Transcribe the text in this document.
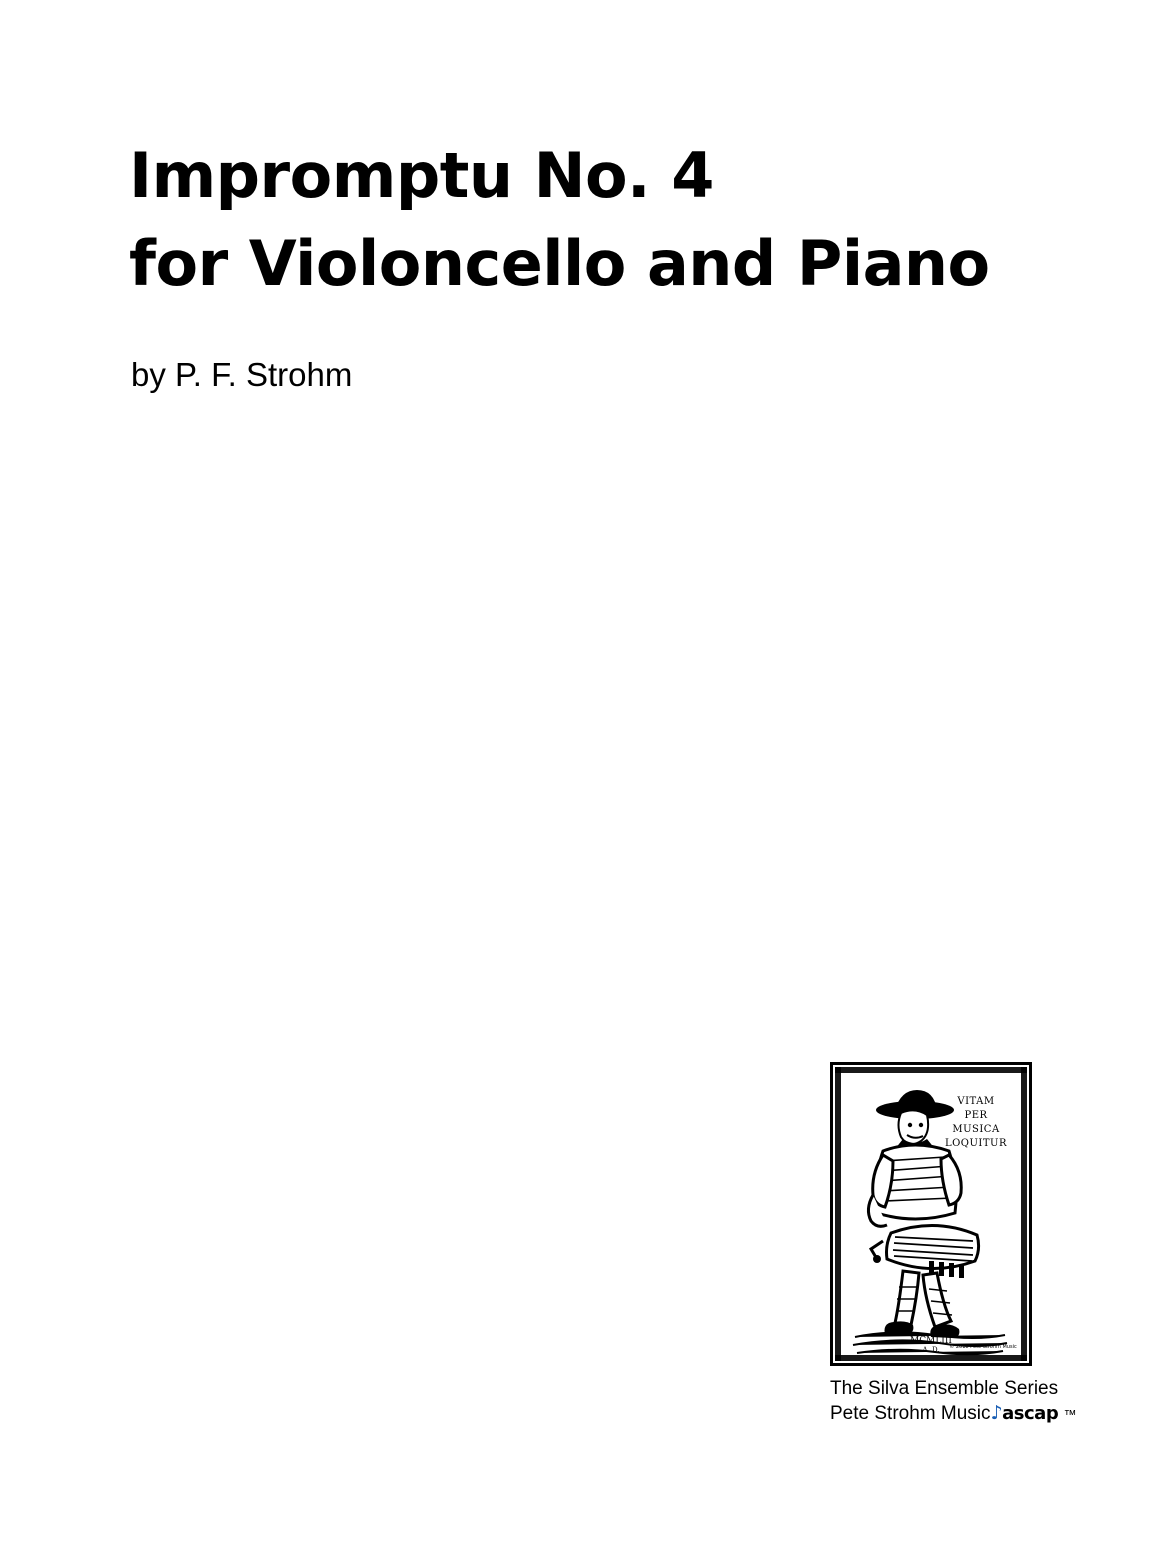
Impromptu No. 4
for Violoncello and Piano
by P. F. Strohm
VITAM
PER
MUSICA
LOQUITUR
MCMLIII
A. D. © 2018 Pete Strohm Music
The Silva Ensemble Series
Pete Strohm Music♪ascap ™
